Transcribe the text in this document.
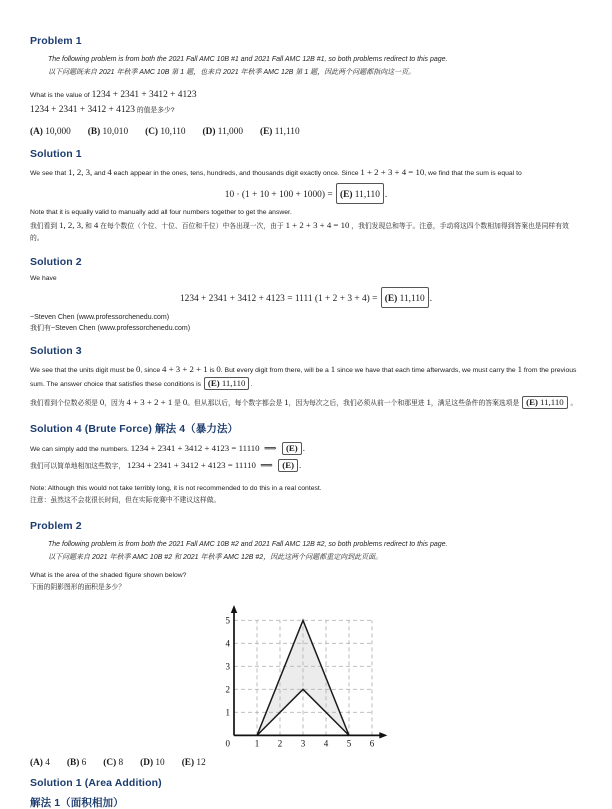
Problem 1

The following problem is from both the 2021 Fall AMC 10B #1 and 2021 Fall AMC 12B #1, so both problems redirect to this page.

以下问题既来自 2021 年秋季 AMC 10B 第 1 题，也来自 2021 年秋季 AMC 12B 第 1 题，因此两个问题都指向这一页。

What is the value of 1234 + 2341 + 3412 + 4123

1234 + 2341 + 3412 + 4123 的值是多少?

(A) 10,000 (B) 10,010 (C) 10,110 (D) 11,000 (E) 11,110

Solution 1

We see that 1, 2, 3, and 4 each appear in the ones, tens, hundreds, and thousands digit exactly once. Since 1 + 2 + 3 + 4 = 10, we find that the sum is equal to

10 · (1 + 10 + 100 + 1000) = (E) 11,110 .

Note that it is equally valid to manually add all four numbers together to get the answer.

我们看到 1, 2, 3, 和 4 在每个数位（个位、十位、百位和千位）中各出现一次，由于 1 + 2 + 3 + 4 = 10 ，我们发现总和等于。注意，手动将这四个数相加得到答案也是同样有效的。

Solution 2

We have

1234 + 2341 + 3412 + 4123 = 1111 (1 + 2 + 3 + 4) = (E) 11,110 .

~Steven Chen (www.professorchenedu.com)

我们有~Steven Chen (www.professorchenedu.com)

Solution 3

We see that the units digit must be 0, since 4 + 3 + 2 + 1 is 0. But every digit from there, will be a 1 since we have that each time afterwards, we must carry the 1 from the previous sum. The answer choice that satisfies these conditions is (E) 11,110 .

我们看到个位数必须是 0，因为 4 + 3 + 2 + 1 是 0。但从那以后，每个数字都会是 1，因为每次之后，我们必须从前一个和那里进 1，满足这些条件的答案选项是 (E) 11,110 。

Solution 4 (Brute Force) 解法 4（暴力法）

We can simply add the numbers. 1234 + 2341 + 3412 + 4123 = 11110  ⟹  (E) .

我们可以简单地相加这些数字， 1234 + 2341 + 3412 + 4123 = 11110  ⟹  (E) .

Note: Although this would not take terribly long, it is not recommended to do this in a real contest.

注意：虽然这不会花很长时间，但在实际竞赛中不建议这样做。

Problem 2

The following problem is from both the 2021 Fall AMC 10B #2 and 2021 Fall AMC 12B #2, so both problems redirect to this page.

以下问题来自 2021 年秋季 AMC 10B #2 和 2021 年秋季 AMC 12B #2，因此这两个问题都重定向到此页面。

What is the area of the shaded figure shown below?

下面的阴影图形的面积是多少？

0	1 2 3 4 5 6
1
2
3
4
5

(A) 4 (B) 6 (C) 8 (D) 10 (E) 12

Solution 1 (Area Addition)
解法 1（面积相加）
